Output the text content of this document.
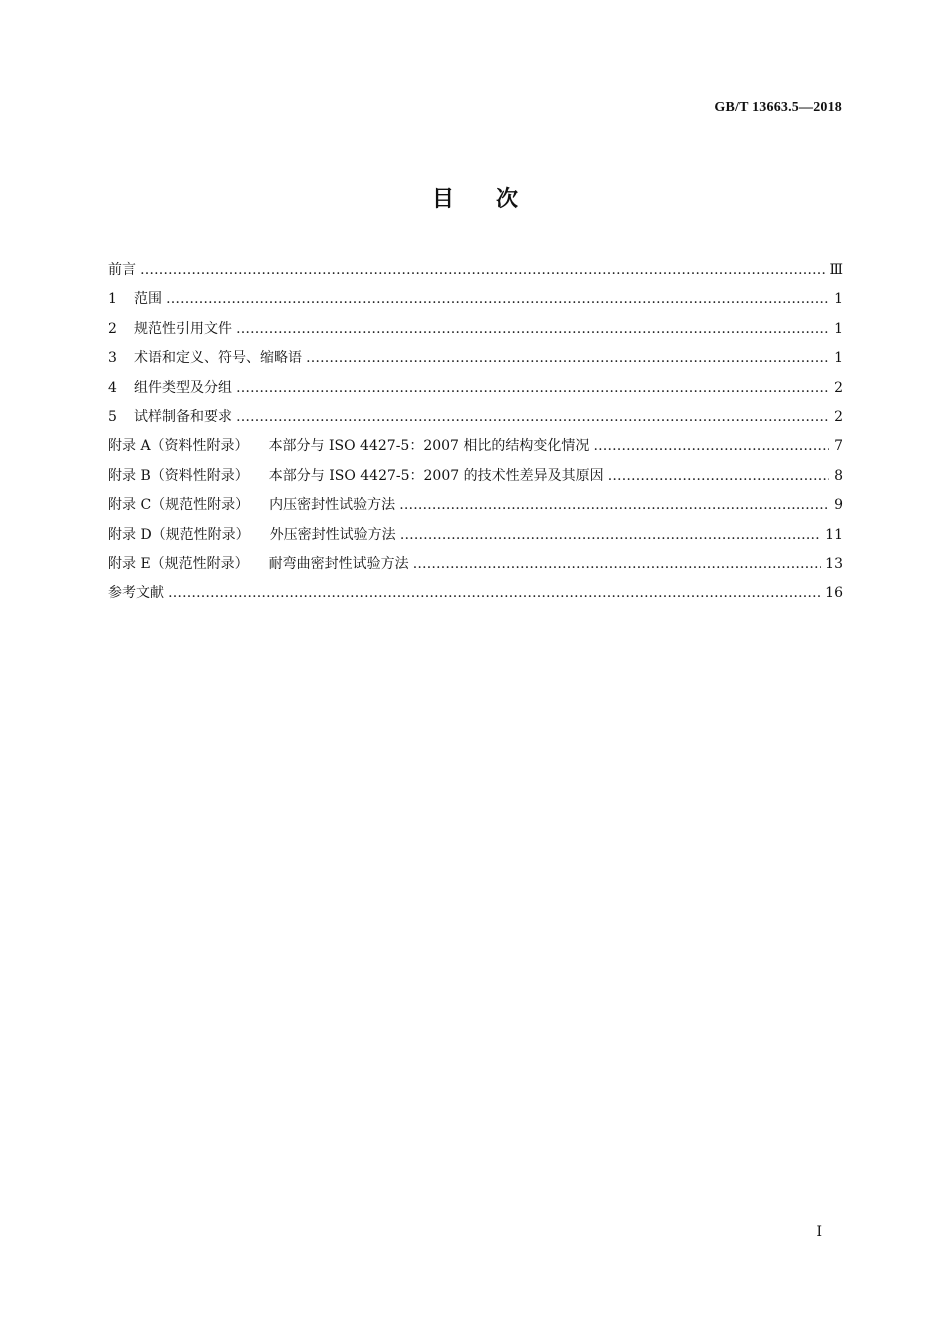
GB/T 13663.5—2018
目 次
前言 ……………………………………………………………………………………………………………………………………………………………………………………	Ⅲ
1	范围 ……………………………………………………………………………………………………………………………………………………………………………………	1
2	规范性引用文件 ……………………………………………………………………………………………………………………………………………………………………………………	1
3	术语和定义、符号、缩略语 ……………………………………………………………………………………………………………………………………………………………………………………	1
4	组件类型及分组 ……………………………………………………………………………………………………………………………………………………………………………………	2
5	试样制备和要求 ……………………………………………………………………………………………………………………………………………………………………………………	2
附录 A（资料性附录）	本部分与 ISO 4427-5：2007 相比的结构变化情况 ……………………………………………………………………………………………………………………………………………………………………………………	7
附录 B（资料性附录）	本部分与 ISO 4427-5：2007 的技术性差异及其原因 ……………………………………………………………………………………………………………………………………………………………………………………	8
附录 C（规范性附录）	内压密封性试验方法 ……………………………………………………………………………………………………………………………………………………………………………………	9
附录 D（规范性附录）	外压密封性试验方法 ……………………………………………………………………………………………………………………………………………………………………………………	11
附录 E（规范性附录）	耐弯曲密封性试验方法 ……………………………………………………………………………………………………………………………………………………………………………………	13
参考文献 ……………………………………………………………………………………………………………………………………………………………………………………	16
I
